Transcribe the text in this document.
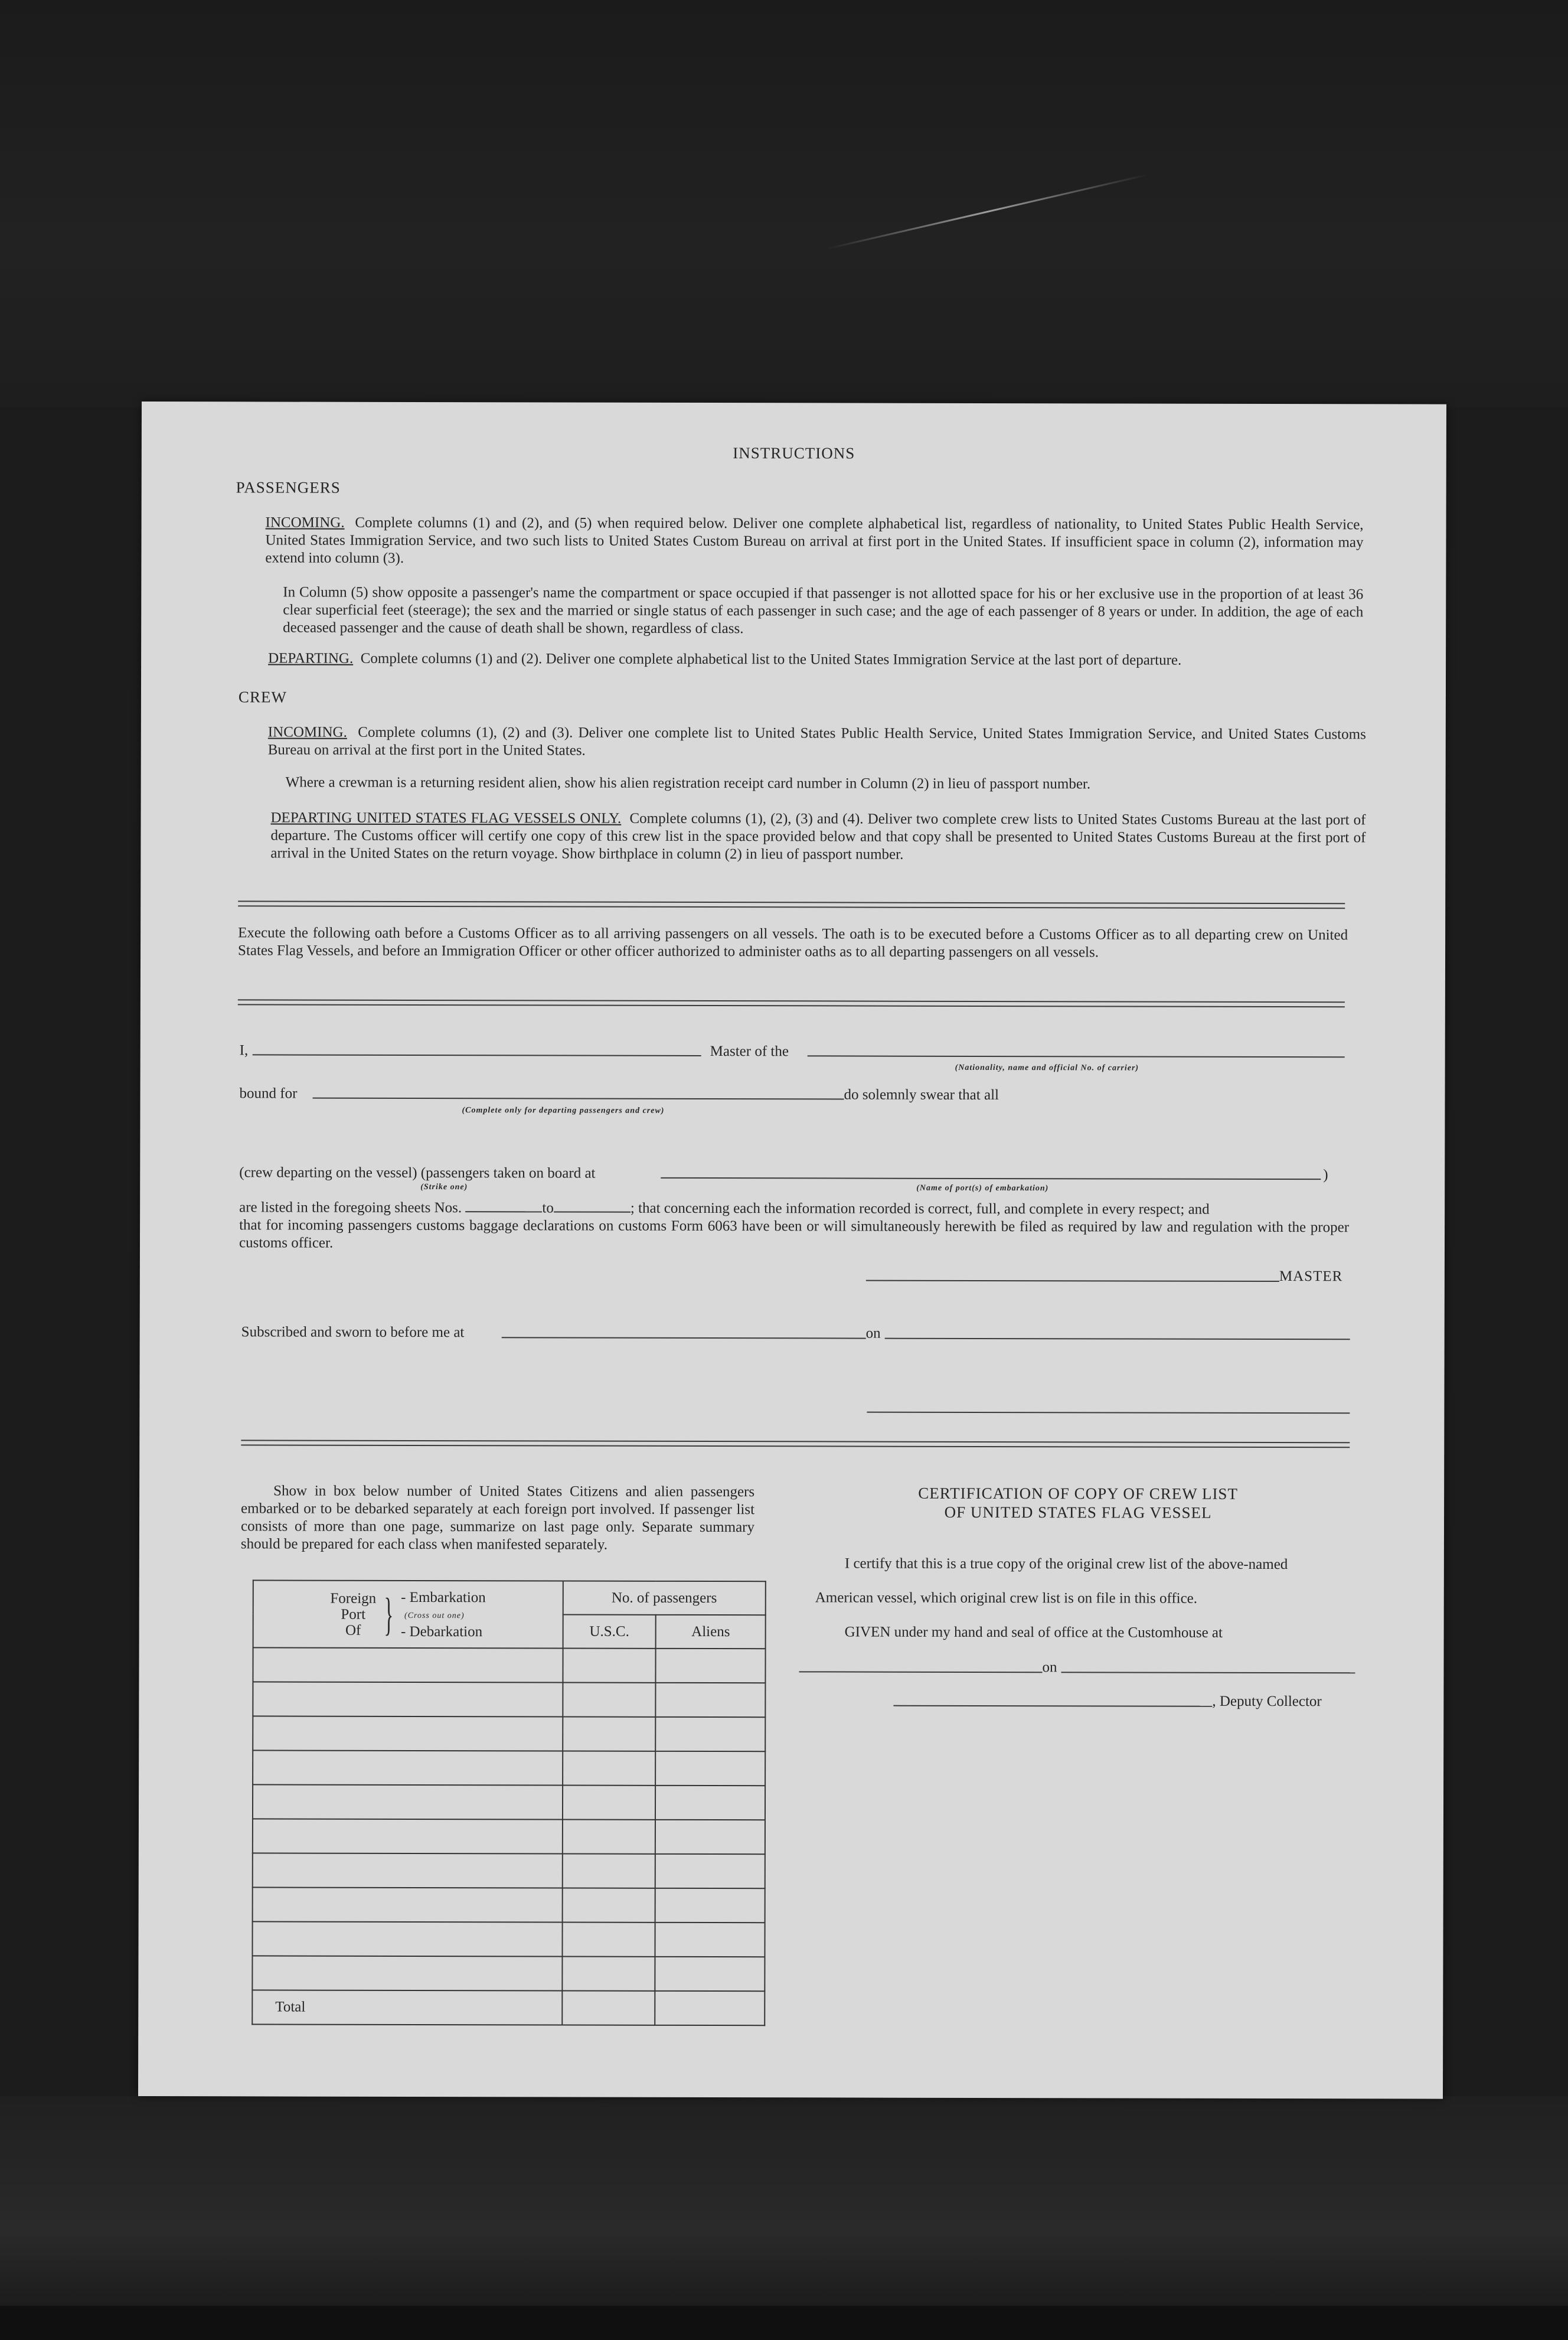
INSTRUCTIONS
PASSENGERS
INCOMING. Complete columns (1) and (2), and (5) when required below. Deliver one complete alphabetical list, regardless of nationality, to United States Public Health Service, United States Immigration Service, and two such lists to United States Custom Bureau on arrival at first port in the United States. If insufficient space in column (2), information may extend into column (3).
In Column (5) show opposite a passenger's name the compartment or space occupied if that passenger is not allotted space for his or her exclusive use in the proportion of at least 36 clear superficial feet (steerage); the sex and the married or single status of each passenger in such case; and the age of each passenger of 8 years or under. In addition, the age of each deceased passenger and the cause of death shall be shown, regardless of class.
DEPARTING. Complete columns (1) and (2). Deliver one complete alphabetical list to the United States Immigration Service at the last port of departure.
CREW
INCOMING. Complete columns (1), (2) and (3). Deliver one complete list to United States Public Health Service, United States Immigration Service, and United States Customs Bureau on arrival at the first port in the United States.
Where a crewman is a returning resident alien, show his alien registration receipt card number in Column (2) in lieu of passport number.
DEPARTING UNITED STATES FLAG VESSELS ONLY. Complete columns (1), (2), (3) and (4). Deliver two complete crew lists to United States Customs Bureau at the last port of departure. The Customs officer will certify one copy of this crew list in the space provided below and that copy shall be presented to United States Customs Bureau at the first port of arrival in the United States on the return voyage. Show birthplace in column (2) in lieu of passport number.
Execute the following oath before a Customs Officer as to all arriving passengers on all vessels. The oath is to be executed before a Customs Officer as to all departing crew on United States Flag Vessels, and before an Immigration Officer or other officer authorized to administer oaths as to all departing passengers on all vessels.
I,	Master of the
(Nationality, name and official No. of carrier)
bound for	do solemnly swear that all
(Complete only for departing passengers and crew)
(crew departing on the vessel) (passengers taken on board at	)
(Strike one)	(Name of port(s) of embarkation)
are listed in the foregoing sheets Nos.	to	; that concerning each the information recorded is correct, full, and complete in every respect; and
that for incoming passengers customs baggage declarations on customs Form 6063 have been or will simultaneously herewith be filed as required by law and regulation with the proper customs officer.
MASTER
Subscribed and sworn to before me at	on
Show in box below number of United States Citizens and alien passengers embarked or to be debarked separately at each foreign port involved. If passenger list consists of more than one page, summarize on last page only. Separate summary should be prepared for each class when manifested separately.
Foreign
Port
Of } - Embarkation
(Cross out one)
- Debarkation	No. of passengers	
	U.S.C.	Aliens

Total		
CERTIFICATION OF COPY OF CREW LIST
OF UNITED STATES FLAG VESSEL
I certify that this is a true copy of the original crew list of the above-named
American vessel, which original crew list is on file in this office.
GIVEN under my hand and seal of office at the Customhouse at
on
, Deputy Collector
